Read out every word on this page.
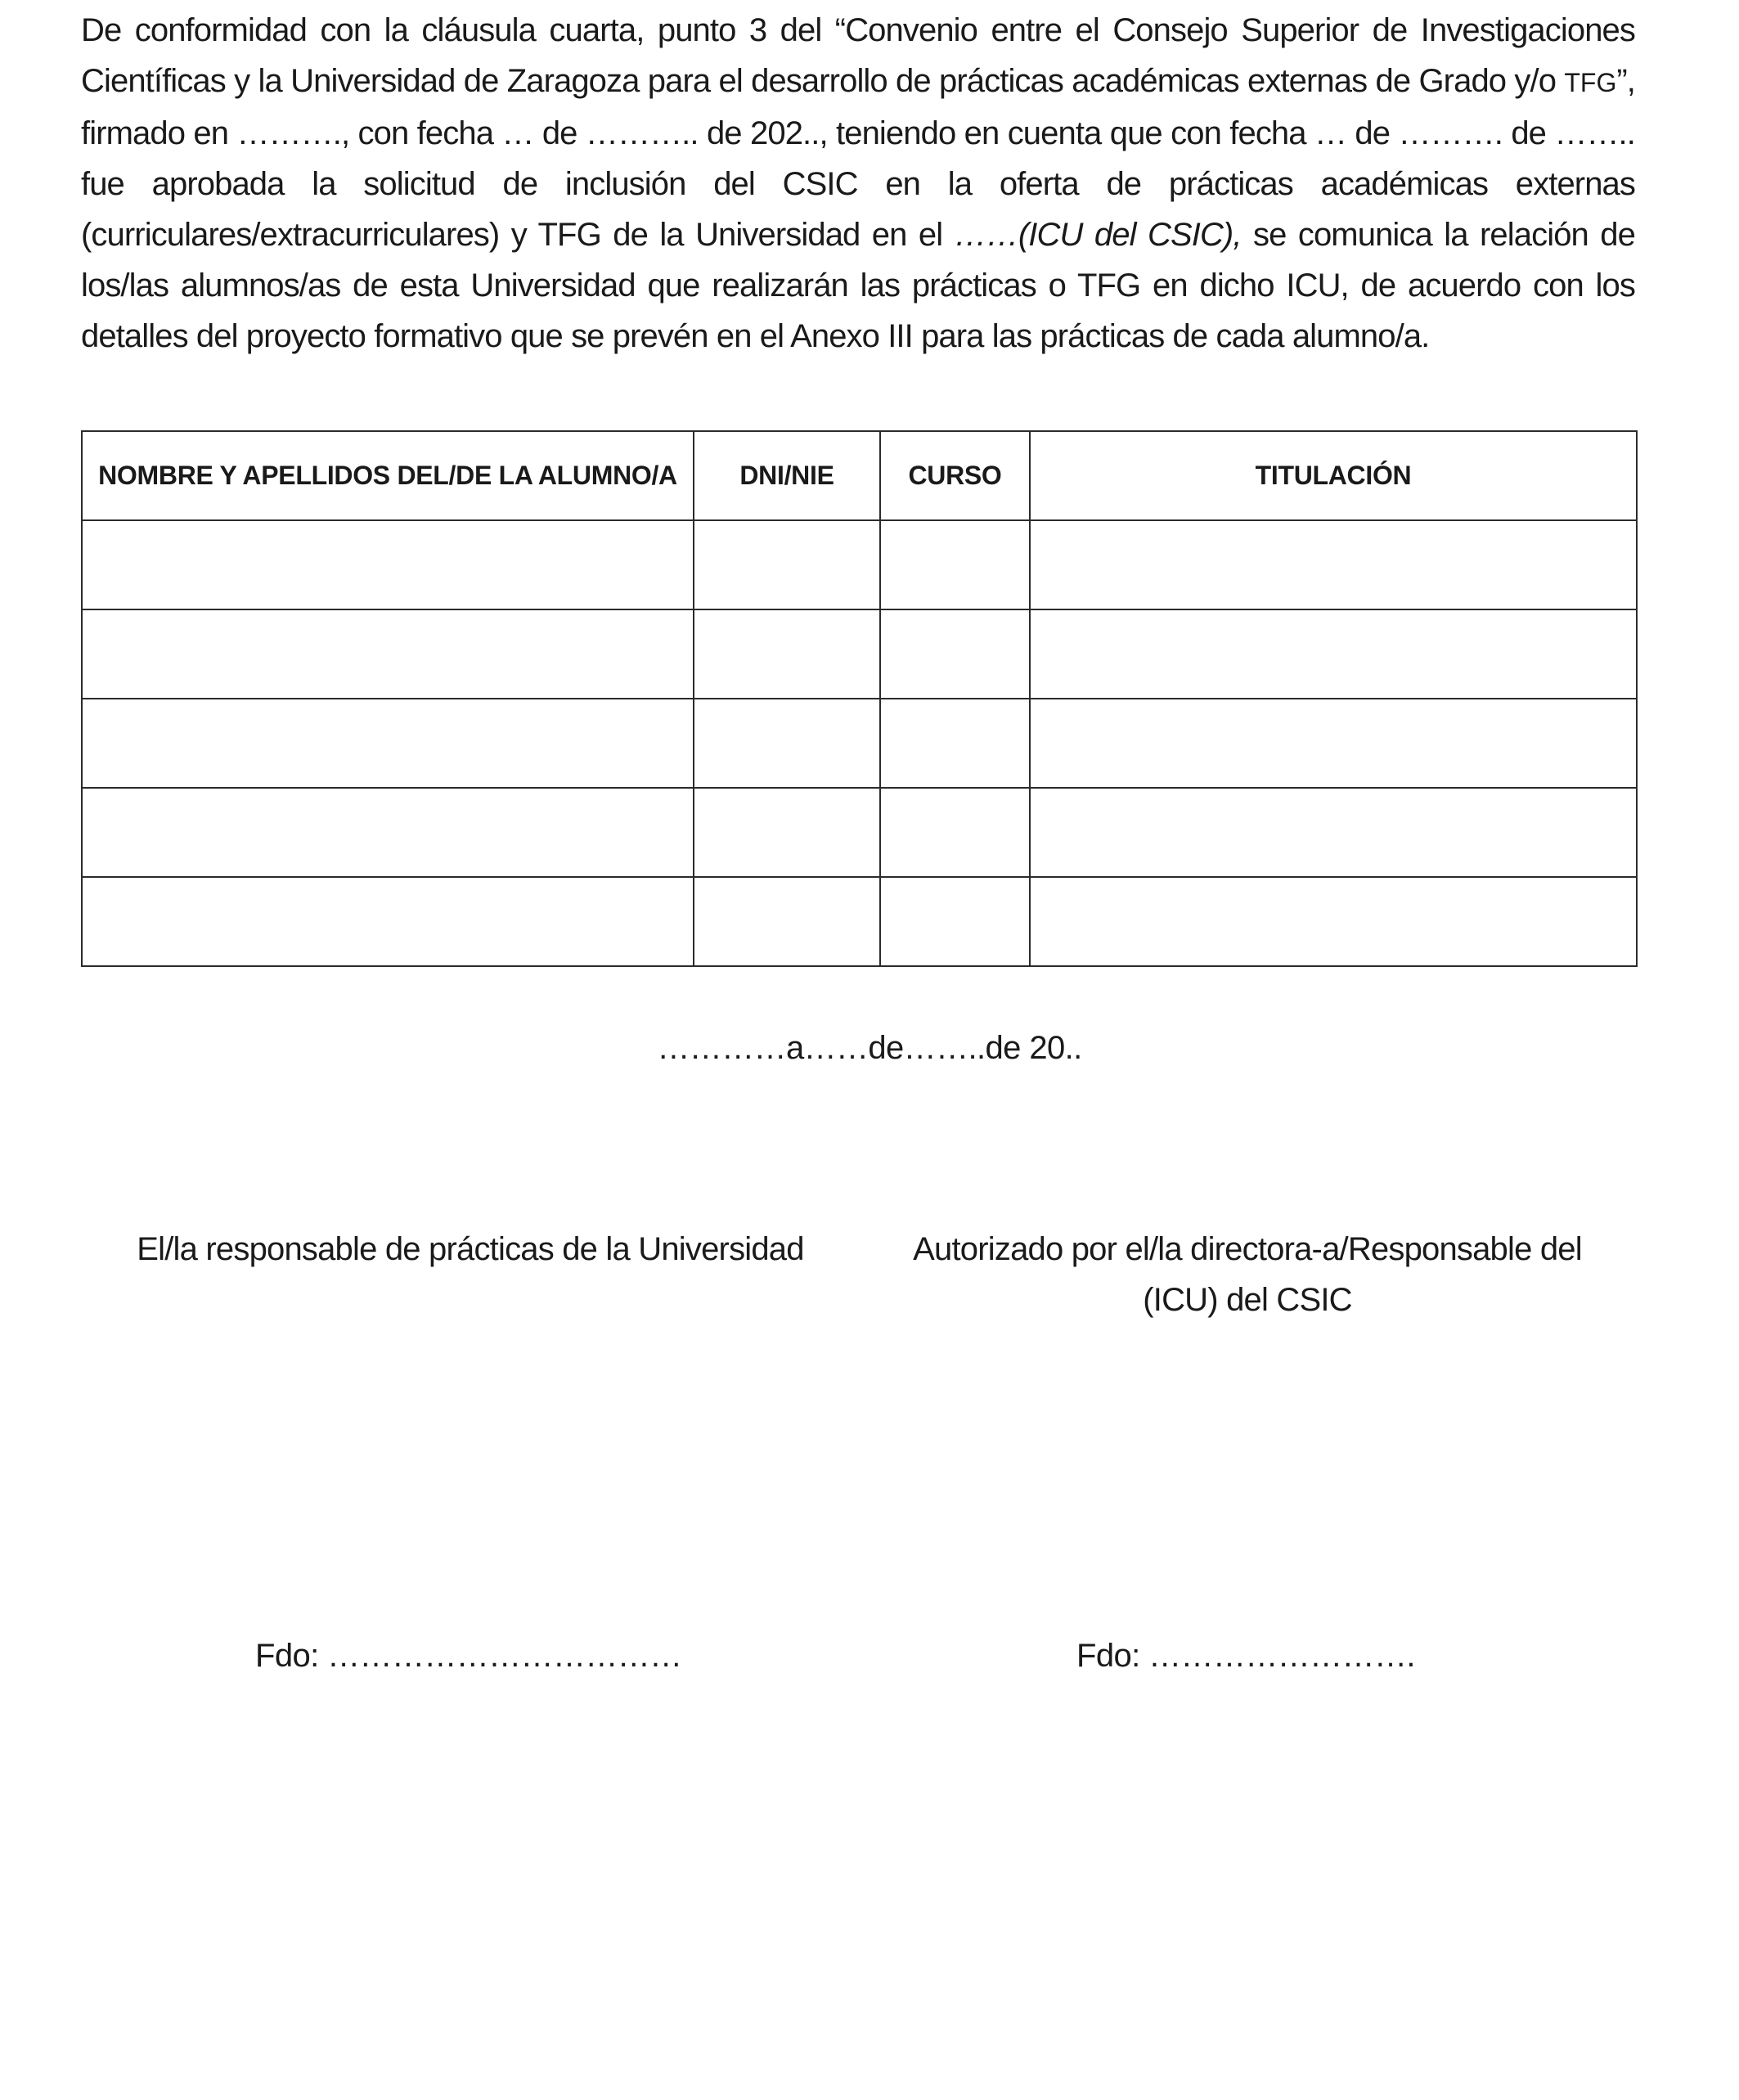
De conformidad con la cláusula cuarta, punto 3 del “Convenio entre el Consejo Superior de Investigaciones Científicas y la Universidad de Zaragoza para el desarrollo de prácticas académicas externas de Grado y/o TFG”, firmado en ………., con fecha … de ……….. de 202.., teniendo en cuenta que con fecha … de ………. de …….. fue aprobada la solicitud de inclusión del CSIC en la oferta de prácticas académicas externas (curriculares/extracurriculares) y TFG de la Universidad en el ……(ICU del CSIC), se comunica la relación de los/las alumnos/as de esta Universidad que realizarán las prácticas o TFG en dicho ICU, de acuerdo con los detalles del proyecto formativo que se prevén en el Anexo III para las prácticas de cada alumno/a.

NOMBRE Y APELLIDOS DEL/DE LA ALUMNO/A	DNI/NIE	CURSO	TITULACIÓN

…………a……de……..de 20..
El/la responsable de prácticas de la Universidad	Autorizado por el/la directora-a/Responsable del (ICU) del CSIC
Fdo: ……………………………	Fdo: …………………….
